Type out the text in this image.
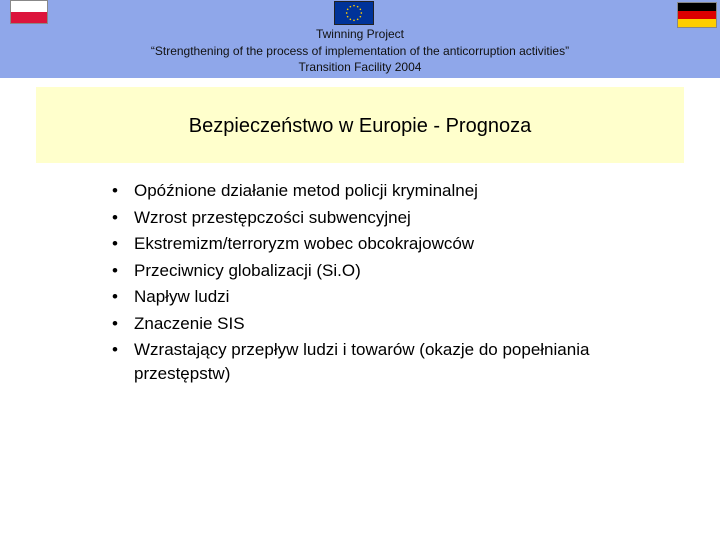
Twinning Project
“Strengthening of the process of implementation of the anticorruption activities”
Transition Facility 2004
Bezpieczeństwo w Europie - Prognoza
• Opóźnione działanie metod policji kryminalnej
• Wzrost przestępczości subwencyjnej
• Ekstremizm/terroryzm wobec obcokrajowców
• Przeciwnicy globalizacji (Si.O)
• Napływ ludzi
• Znaczenie SIS
• Wzrastający przepływ ludzi i towarów (okazje do popełniania
przestępstw)
